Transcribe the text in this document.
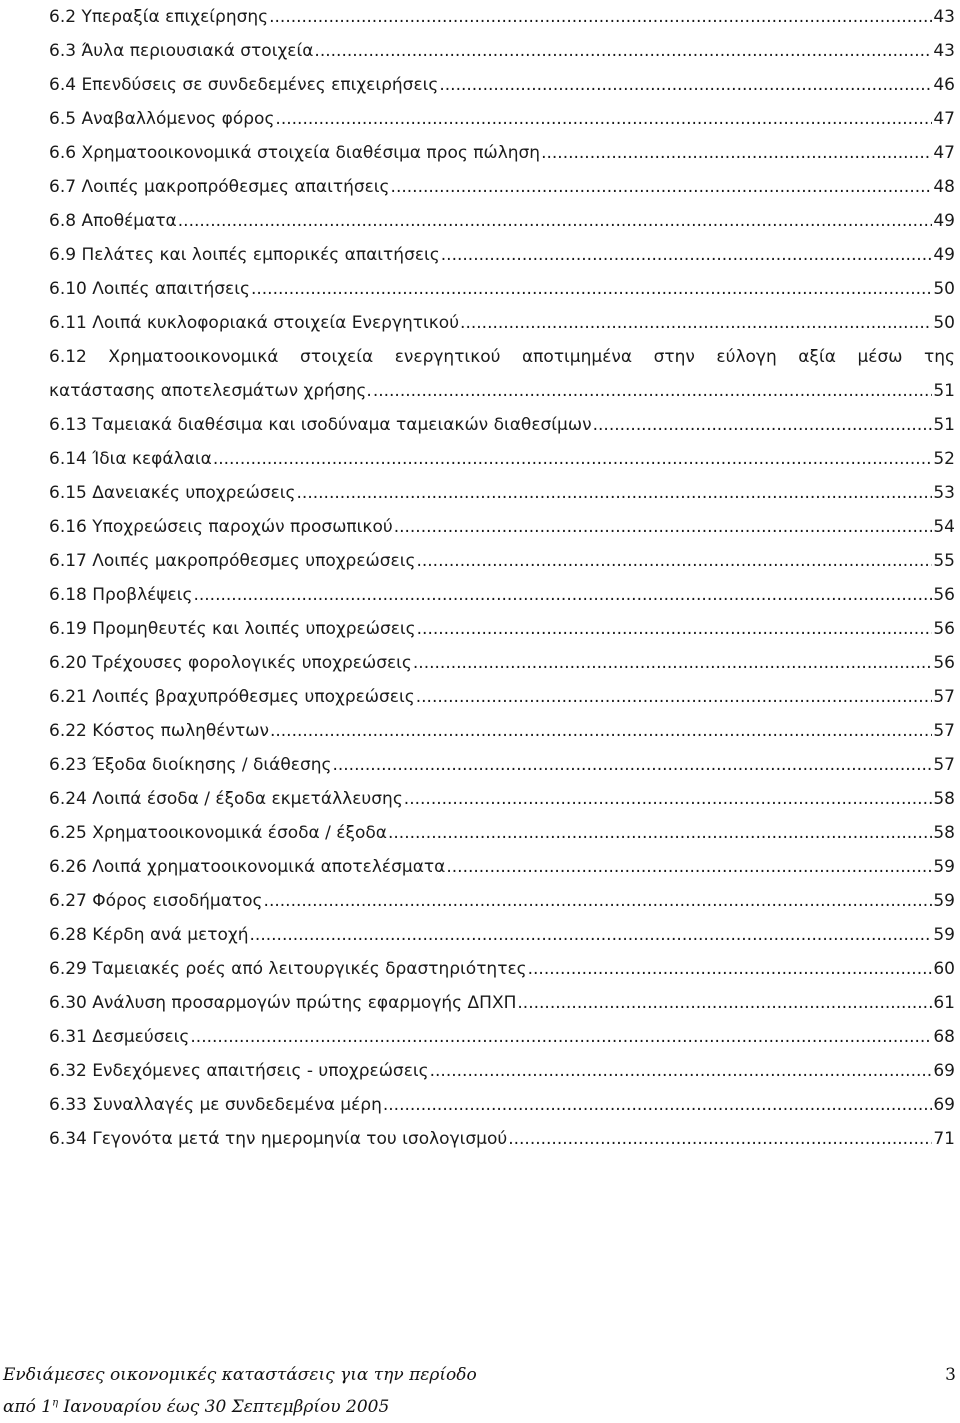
6.2 Υπεραξία επιχείρησης .....	43
6.3 Άυλα περιουσιακά στοιχεία .....	43
6.4 Επενδύσεις σε συνδεδεμένες επιχειρήσεις .....	46
6.5 Αναβαλλόμενος φόρος .....	47
6.6 Χρηματοοικονομικά στοιχεία διαθέσιμα προς πώληση .....	47
6.7 Λοιπές μακροπρόθεσμες απαιτήσεις .....	48
6.8 Αποθέματα .....	49
6.9 Πελάτες και λοιπές εμπορικές απαιτήσεις .....	49
6.10 Λοιπές απαιτήσεις .....	50
6.11 Λοιπά κυκλοφοριακά στοιχεία Ενεργητικού .....	50
6.12 Χρηματοοικονομικά στοιχεία ενεργητικού αποτιμημένα στην εύλογη αξία μέσω της
κατάστασης αποτελεσμάτων χρήσης. .....	51
6.13 Ταμειακά διαθέσιμα και ισοδύναμα ταμειακών διαθεσίμων .....	51
6.14 Ίδια κεφάλαια .....	52
6.15 Δανειακές υποχρεώσεις .....	53
6.16 Υποχρεώσεις παροχών προσωπικού .....	54
6.17 Λοιπές μακροπρόθεσμες υποχρεώσεις .....	55
6.18 Προβλέψεις .....	56
6.19 Προμηθευτές και λοιπές υποχρεώσεις .....	56
6.20 Τρέχουσες φορολογικές υποχρεώσεις .....	56
6.21 Λοιπές βραχυπρόθεσμες υποχρεώσεις .....	57
6.22 Κόστος πωληθέντων .....	57
6.23 Έξοδα διοίκησης / διάθεσης .....	57
6.24 Λοιπά έσοδα / έξοδα εκμετάλλευσης .....	58
6.25 Χρηματοοικονομικά έσοδα / έξοδα .....	58
6.26 Λοιπά χρηματοοικονομικά αποτελέσματα .....	59
6.27 Φόρος εισοδήματος .....	59
6.28 Κέρδη ανά μετοχή .....	59
6.29 Ταμειακές ροές από λειτουργικές δραστηριότητες .....	60
6.30 Ανάλυση προσαρμογών πρώτης εφαρμογής ΔΠΧΠ .....	61
6.31 Δεσμεύσεις .....	68
6.32 Ενδεχόμενες απαιτήσεις - υποχρεώσεις .....	69
6.33 Συναλλαγές με συνδεδεμένα μέρη .....	69
6.34 Γεγονότα μετά την ημερομηνία του ισολογισμού .....	71
Ενδιάμεσες οικονομικές καταστάσεις για την περίοδο
από $1^\eta$ Ιανουαρίου έως 30 Σεπτεμβρίου 2005
3
